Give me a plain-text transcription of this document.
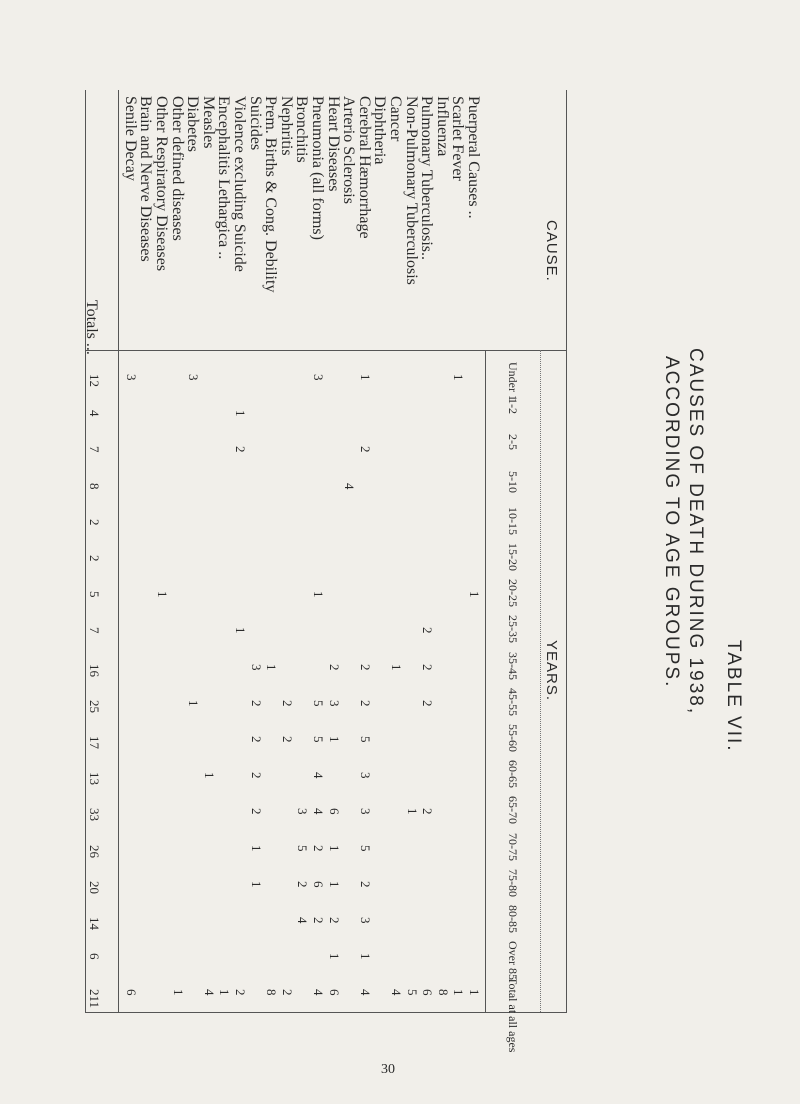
TABLE VII.
CAUSES OF DEATH DURING 1938,
ACCORDING TO AGE GROUPS.
CAUSE.
YEARS.
Puerperal Causes ..
Scarlet Fever
Influenza
Pulmonary Tuberculosis..
Non-Pulmonary Tuberculosis
Cancer
Diphtheria
Cerebral Hæmorrhage
Arterio Sclerosis
Heart Diseases
Pneumonia (all forms)
Bronchitis
Nephritis
Prem. Births & Cong. Debility
Suicides
Violence excluding Suicide
Encephalitis Lethargica ..
Measles
Diabetes
Other defined diseases
Other Respiratory Diseases
Brain and Nerve Diseases
Senile Decay
Under 1
1-2
2-5
5-10
10-15
15-20
20-25
25-35
35-45
45-55
55-60
60-65
65-70
70-75
75-80
80-85
Over 85
Total at all ages
1
1
1
1
8
2
2
2
2
6
1
5
1
4
1
2
2
2
5
3
3
5
2
3
1
4
4
2
3
1
6
1
1
2
1
6
3
1
5
5
4
4
2
6
2
4
3
5
2
4
2
2
2
1
8
3
2
2
2
2
1
1
1
2
1
2
1
1
4
3
1
1
1
3
6
12
4
7
8
2
2
5
7
16
25
17
13
33
26
20
14
6
211
Totals ...
30
